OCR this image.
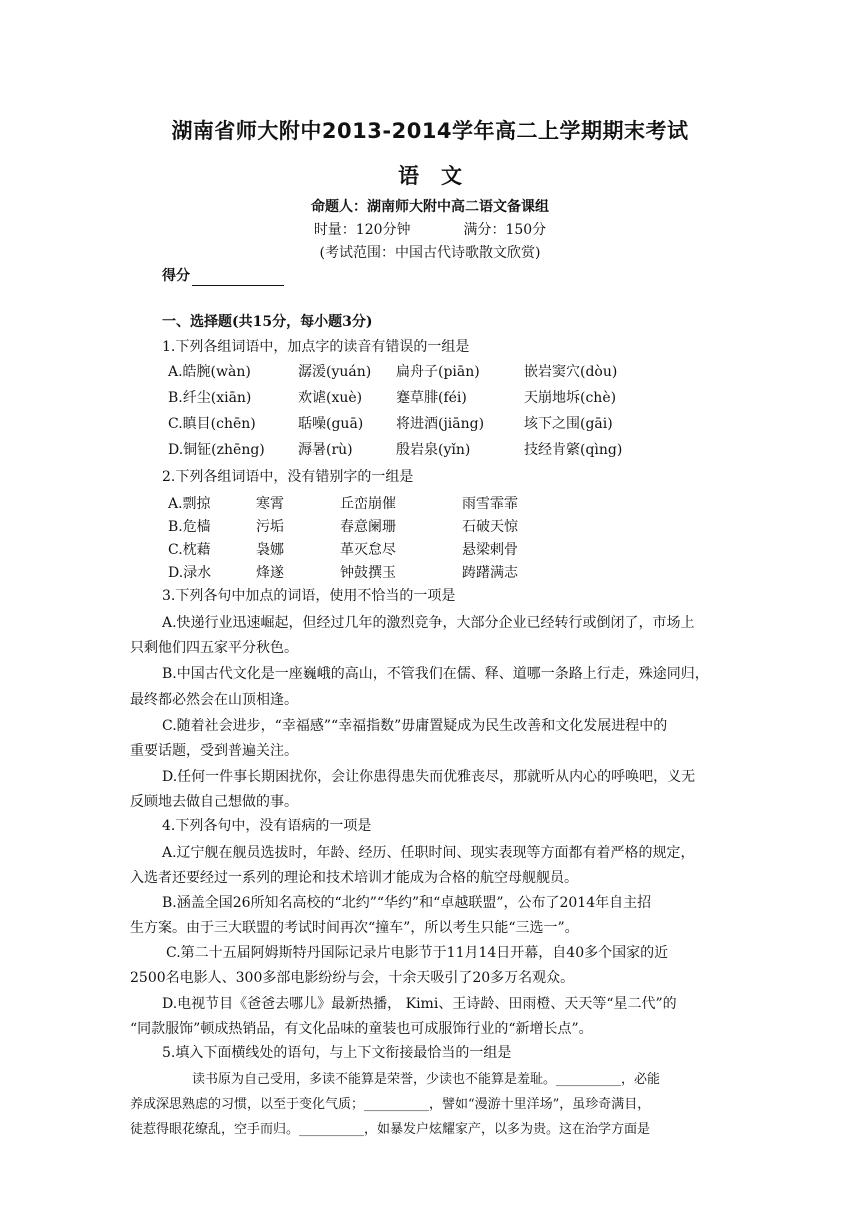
湖南省师大附中2013-2014学年高二上学期期末考试
语文
命题人：湖南师大附中高二语文备课组
时量：120分钟	满分：150分
(考试范围：中国古代诗歌散文欣赏)
得分
一、选择题(共15分，每小题3分)
1.下列各组词语中，加点字的读音有错误的一组是
A.皓腕(wàn)	潺湲(yuán) 扁舟子(piān)	嵌岩窦穴(dòu)
B.纤尘(xiān)	欢谑(xuè) 蹇草腓(féi)	天崩地坼(chè)
C.瞋目(chēn)	聒噪(guā) 将进酒(jiāng)	垓下之围(gāi)
D.铜钲(zhēng) 溽暑(rù)	殷岩泉(yǐn)	技经肯綮(qìng)
2.下列各组词语中，没有错别字的一组是
A.剽掠	寒霄	丘峦崩催	雨雪霏霏
B.危樯	污垢	春意阑珊	石破天惊
C.枕藉	袅娜	革灭怠尽	悬梁剌骨
D.渌水	烽遂	钟鼓撰玉	踌躇满志
3.下列各句中加点的词语，使用不恰当的一项是
A.快递行业迅速崛起，但经过几年的激烈竞争，大部分企业已经转行或倒闭了，市场上
只剩他们四五家平分秋色。
B.中国古代文化是一座巍峨的高山，不管我们在儒、释、道哪一条路上行走，殊途同归，
最终都必然会在山顶相逢。
C.随着社会进步，“幸福感”“幸福指数”毋庸置疑成为民生改善和文化发展进程中的
重要话题，受到普遍关注。
D.任何一件事长期困扰你，会让你患得患失而优雅丧尽，那就听从内心的呼唤吧，义无
反顾地去做自己想做的事。
4.下列各句中，没有语病的一项是
A.辽宁舰在舰员选拔时，年龄、经历、任职时间、现实表现等方面都有着严格的规定，
入选者还要经过一系列的理论和技术培训才能成为合格的航空母舰舰员。
B.涵盖全国26所知名高校的“北约”“华约”和“卓越联盟”，公布了2014年自主招
生方案。由于三大联盟的考试时间再次“撞车”，所以考生只能“三选一”。
C.第二十五届阿姆斯特丹国际记录片电影节于11月14日开幕，自40多个国家的近
2500名电影人、300多部电影纷纷与会，十余天吸引了20多万名观众。
D.电视节目《爸爸去哪儿》最新热播， Kimi、王诗龄、田雨橙、天天等“星二代”的
“同款服饰”顿成热销品，有文化品味的童装也可成服饰行业的“新增长点”。
5.填入下面横线处的语句，与上下文衔接最恰当的一组是
读书原为自己受用，多读不能算是荣誉，少读也不能算是羞耻。__________，必能
养成深思熟虑的习惯，以至于变化气质；__________，譬如“漫游十里洋场”，虽珍奇满目，
徒惹得眼花缭乱，空手而归。__________，如暴发户炫耀家产，以多为贵。这在治学方面是
